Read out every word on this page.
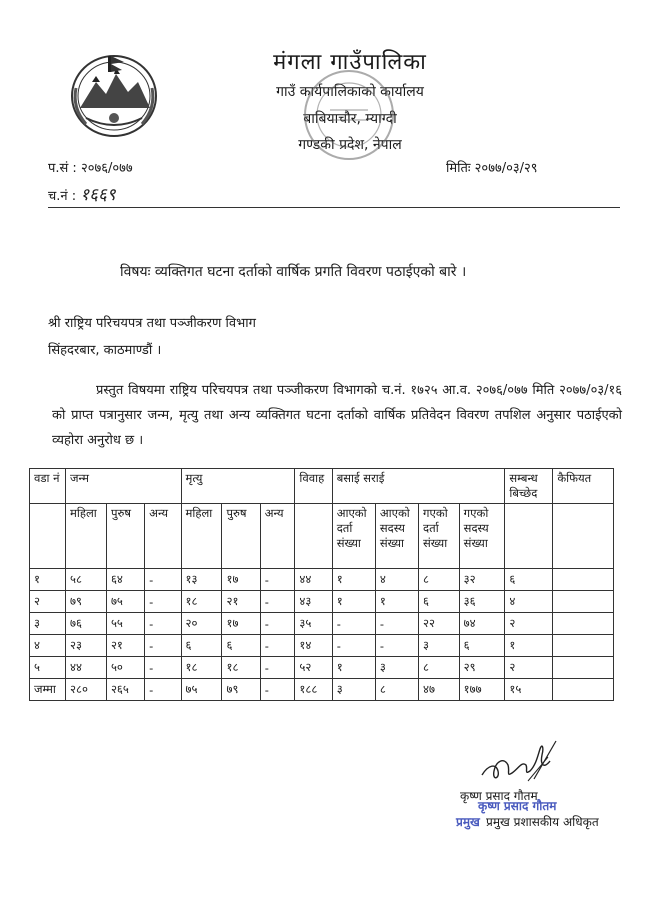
मंगला गाउँपालिका
गाउँ कार्यपालिकाको कार्यालय
बाबियाचौर, म्याग्दी
गण्डकी प्रदेश, नेपाल
प.सं : २०७६/०७७
च.नं : १६६९
मितिः २०७७/०३/२९
विषयः व्यक्तिगत घटना दर्ताको वार्षिक प्रगति विवरण पठाईएको बारे ।
श्री राष्ट्रिय परिचयपत्र तथा पञ्जीकरण विभाग
सिंहदरबार, काठमाण्डौं ।

प्रस्तुत विषयमा राष्ट्रिय परिचयपत्र तथा पञ्जीकरण विभागको च.नं. १७२५ आ.व. २०७६/०७७ मिति २०७७/०३/१६ को प्राप्त पत्रानुसार जन्म, मृत्यु तथा अन्य व्यक्तिगत घटना दर्ताको वार्षिक प्रतिवेदन विवरण तपशिल अनुसार पठाईएको व्यहोरा अनुरोध छ ।

वडा नं	जन्म			मृत्यु			विवाह	बसाई सराई				सम्बन्ध बिच्छेद	कैफियत
	महिला	पुरुष	अन्य	महिला	पुरुष	अन्य		आएको दर्ता संख्या	आएको सदस्य संख्या	गएको दर्ता संख्या	गएको सदस्य संख्या		
१	५८	६४	-	१३	१७	-	४४	१	४	८	३२	६	
२	७९	७५	-	१८	२१	-	४३	१	१	६	३६	४	
३	७६	५५	-	२०	१७	-	३५	-	-	२२	७४	२	
४	२३	२१	-	६	६	-	१४	-	-	३	६	१	
५	४४	५०	-	१८	१८	-	५२	१	३	८	२९	२	
जम्मा	२८०	२६५	-	७५	७९	-	१८८	३	८	४७	१७७	१५	
कृष्ण प्रसाद गौतम
कृष्ण प्रसाद गौतम
प्रमुख प्रमुख प्रशासकीय अधिकृत
